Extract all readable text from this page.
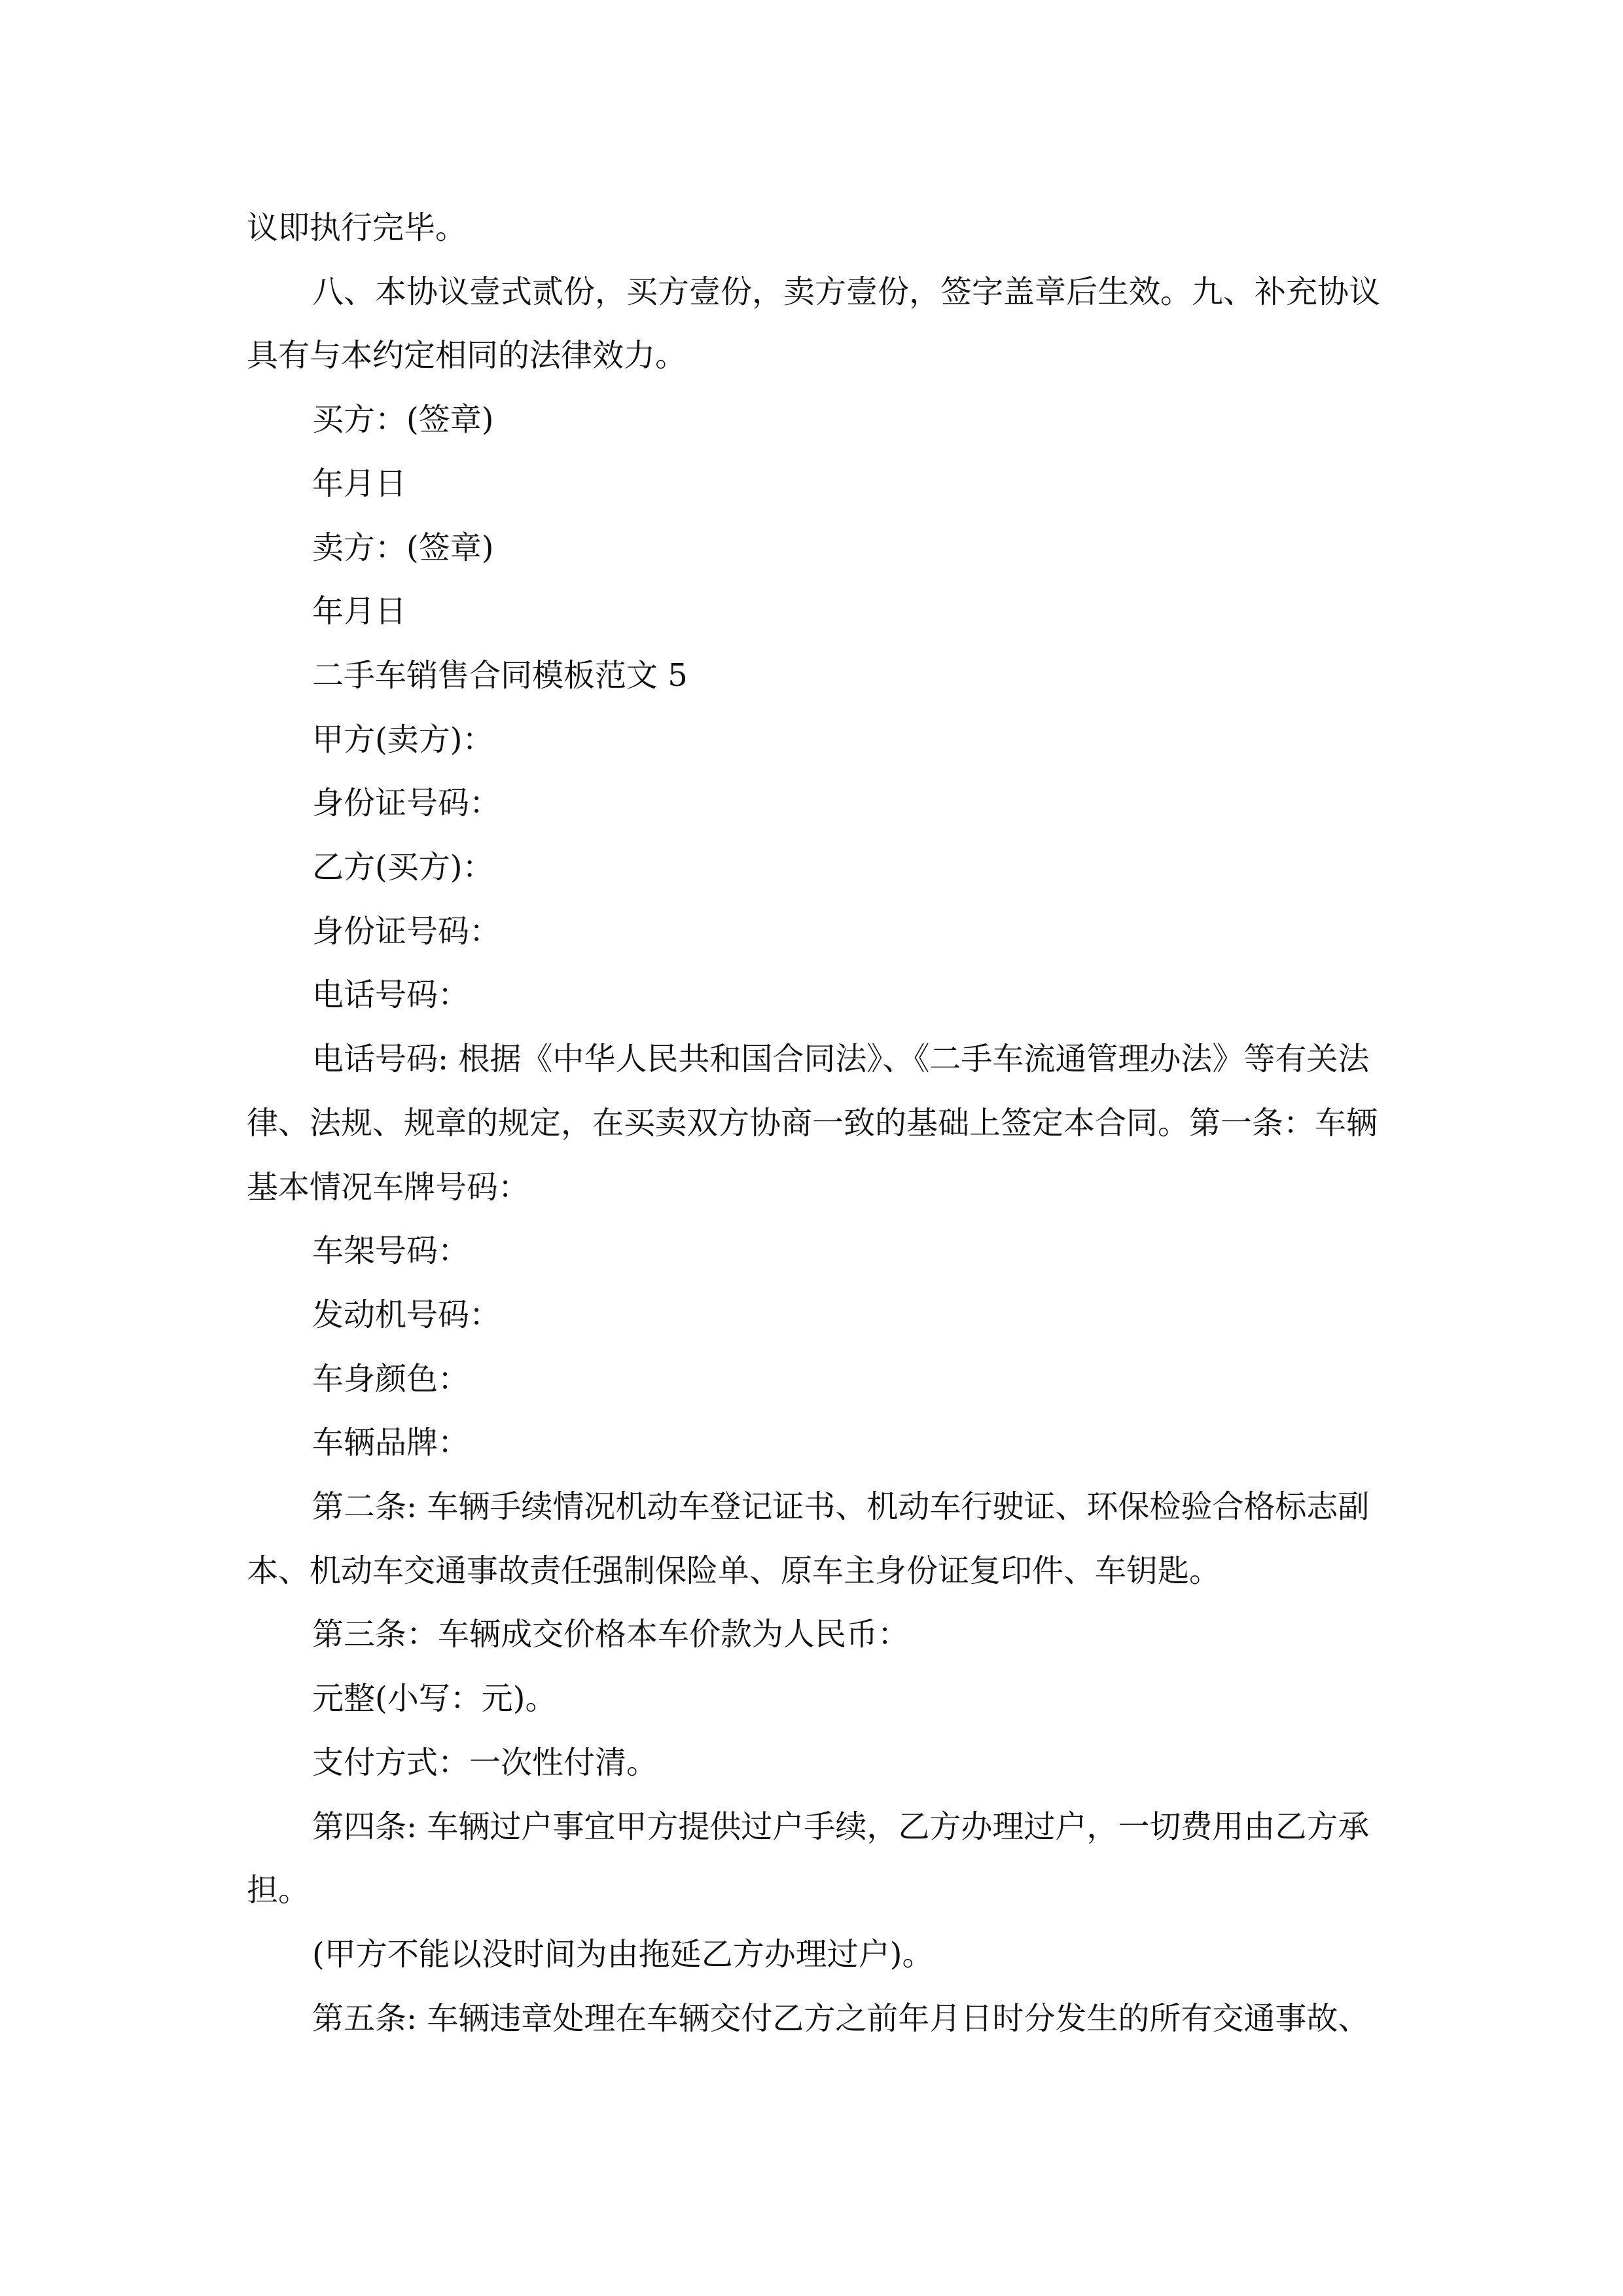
议即执行完毕。

八、本协议壹式贰份，买方壹份，卖方壹份，签字盖章后生效。九、补充协议具有与本约定相同的法律效力。

买方：(签章)

年月日

卖方：(签章)

年月日

二手车销售合同模板范文 5

甲方(卖方)：

身份证号码：

乙方(买方)：

身份证号码：

电话号码：

电话号码: 根据《中华人民共和国合同法》、《二手车流通管理办法》等有关法律、法规、规章的规定，在买卖双方协商一致的基础上签定本合同。第一条：车辆基本情况车牌号码：

车架号码：

发动机号码：

车身颜色：

车辆品牌：

第二条: 车辆手续情况机动车登记证书、机动车行驶证、环保检验合格标志副本、机动车交通事故责任强制保险单、原车主身份证复印件、车钥匙。

第三条：车辆成交价格本车价款为人民币：

元整(小写：元)。

支付方式：一次性付清。

第四条: 车辆过户事宜甲方提供过户手续，乙方办理过户，一切费用由乙方承担。

(甲方不能以没时间为由拖延乙方办理过户)。

第五条: 车辆违章处理在车辆交付乙方之前年月日时分发生的所有交通事故、
